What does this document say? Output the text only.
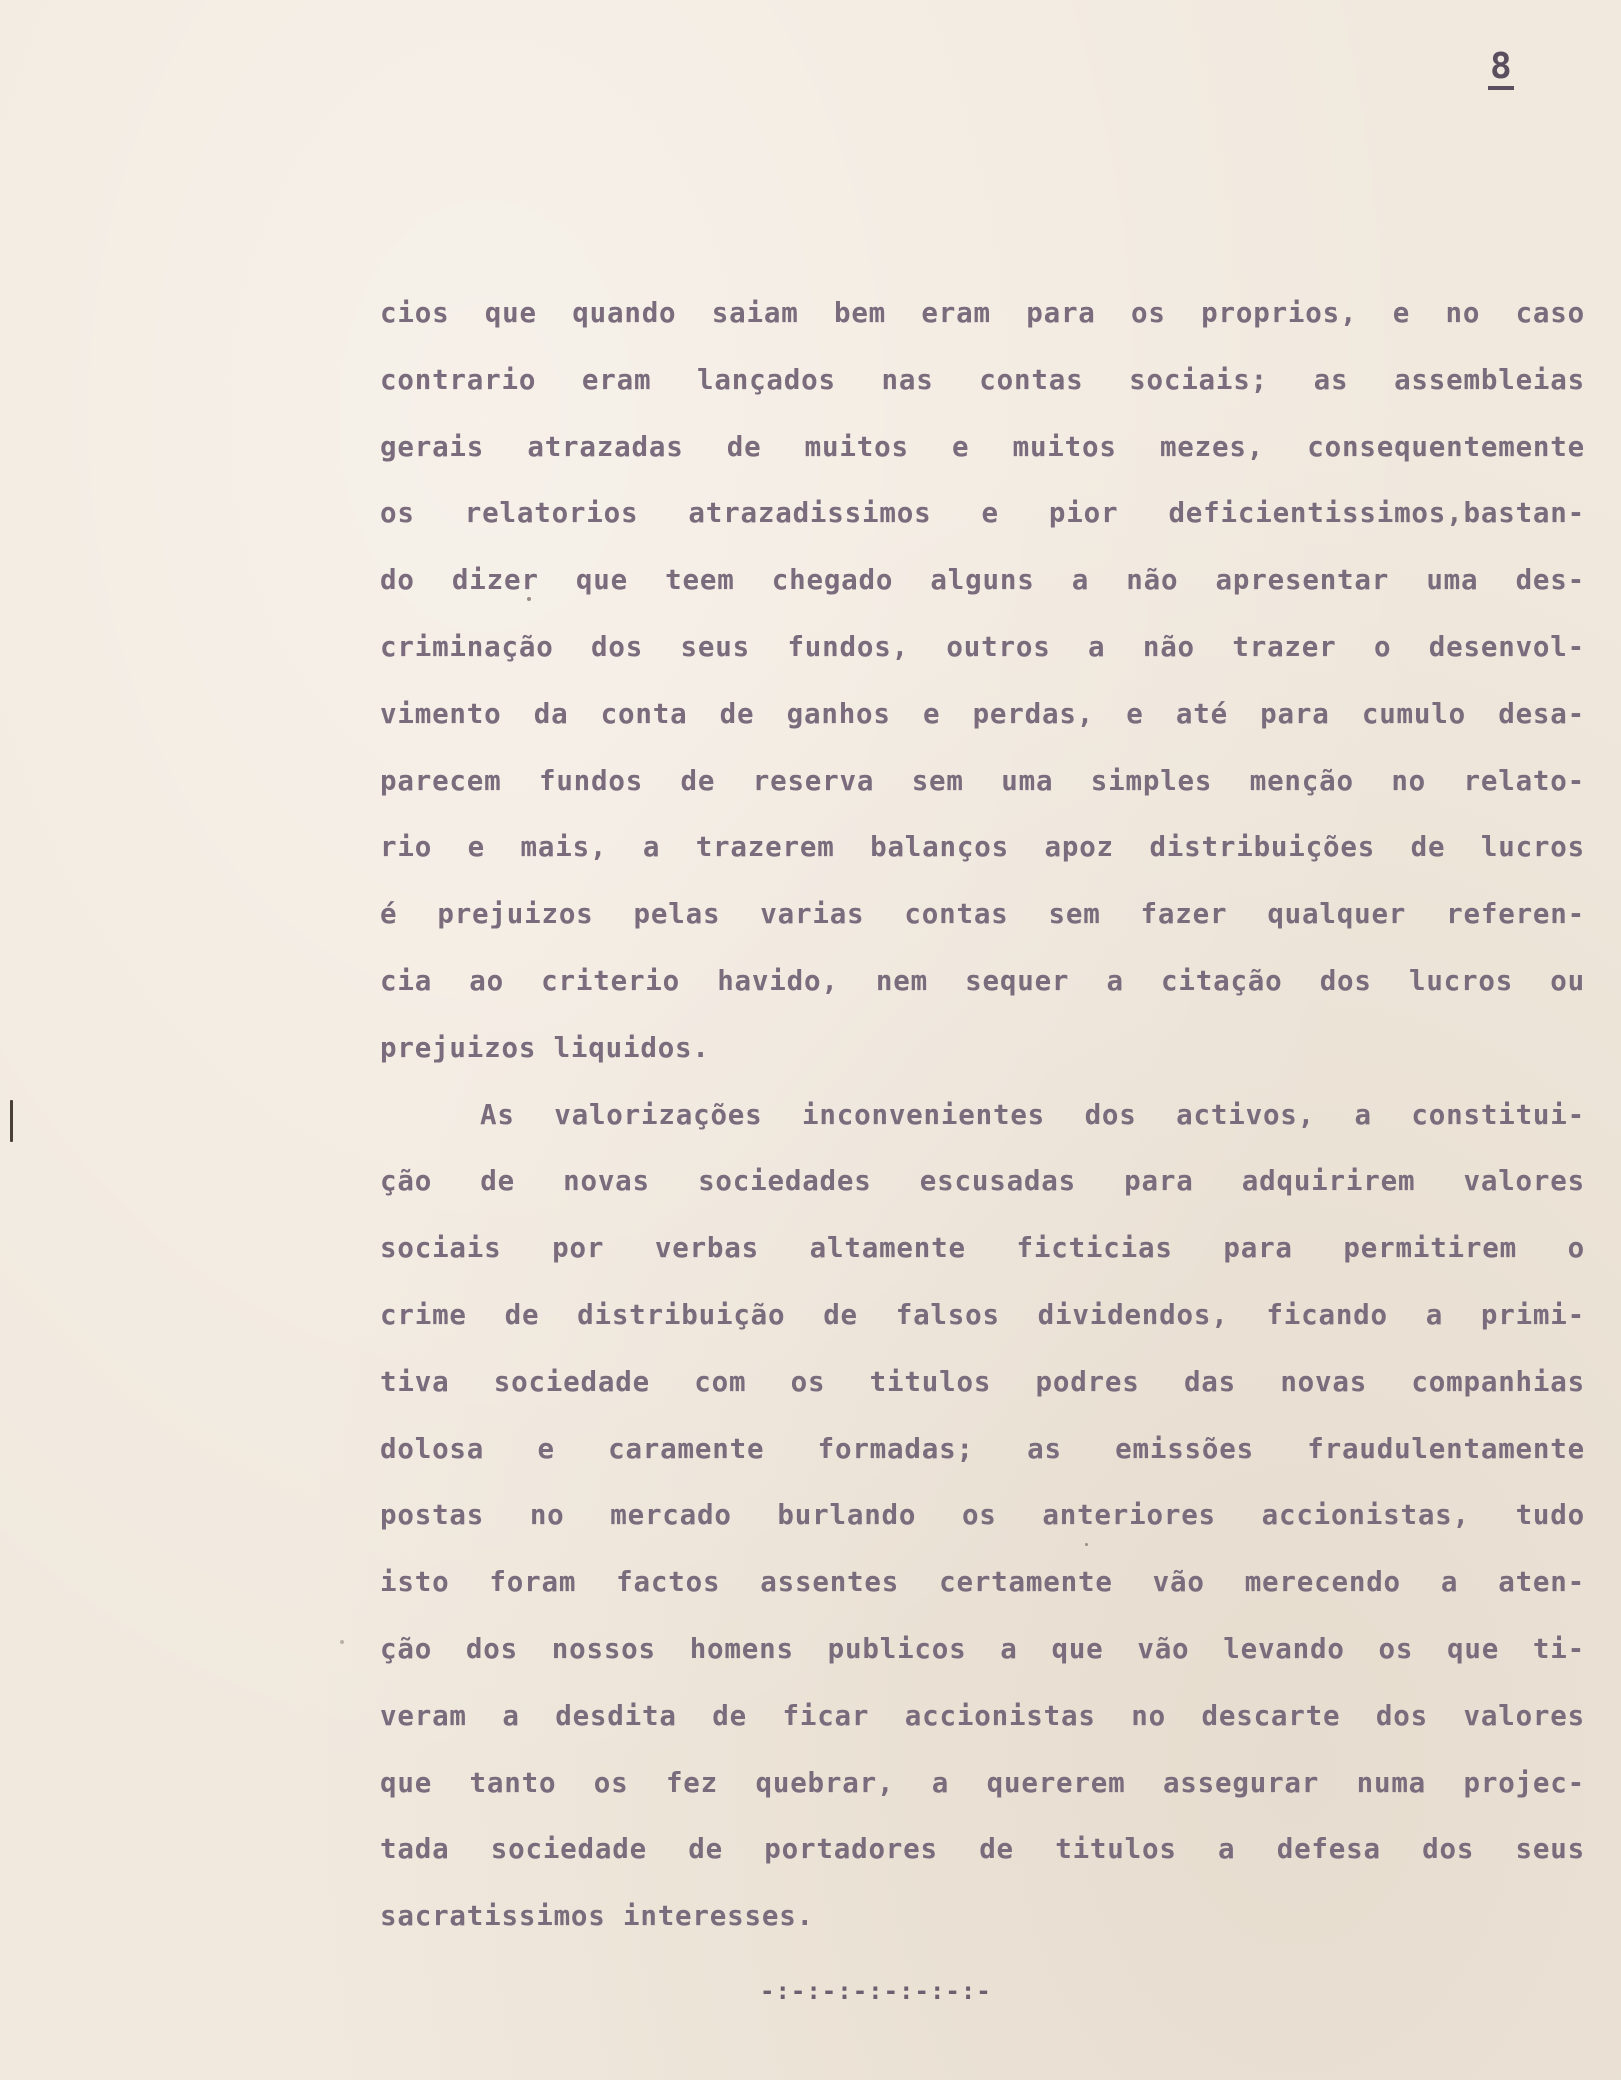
8
cios que quando saiam bem eram para os proprios, e no caso
contrario eram lançados nas contas sociais; as assembleias
gerais atrazadas de muitos e muitos mezes, consequentemente
os relatorios atrazadissimos e pior deficientissimos,bastan-
do dizer que teem chegado alguns a não apresentar uma des-
criminação dos seus fundos, outros a não trazer o desenvol-
vimento da conta de ganhos e perdas, e até para cumulo desa-
parecem fundos de reserva sem uma simples menção no relato-
rio e mais, a trazerem balanços apoz distribuições de lucros
é prejuizos pelas varias contas sem fazer qualquer referen-
cia ao criterio havido, nem sequer a citação dos lucros ou
prejuizos liquidos.
As valorizações inconvenientes dos activos, a constitui-
ção de novas sociedades escusadas para adquirirem valores
sociais por verbas altamente ficticias para permitirem o
crime de distribuição de falsos dividendos, ficando a primi-
tiva sociedade com os titulos podres das novas companhias
dolosa e caramente formadas; as emissões fraudulentamente
postas no mercado burlando os anteriores accionistas, tudo
isto foram factos assentes certamente vão merecendo a aten-
ção dos nossos homens publicos a que vão levando os que ti-
veram a desdita de ficar accionistas no descarte dos valores
que tanto os fez quebrar, a quererem assegurar numa projec-
tada sociedade de portadores de titulos a defesa dos seus
sacratissimos interesses.
-:-:-:-:-:-:-:-
